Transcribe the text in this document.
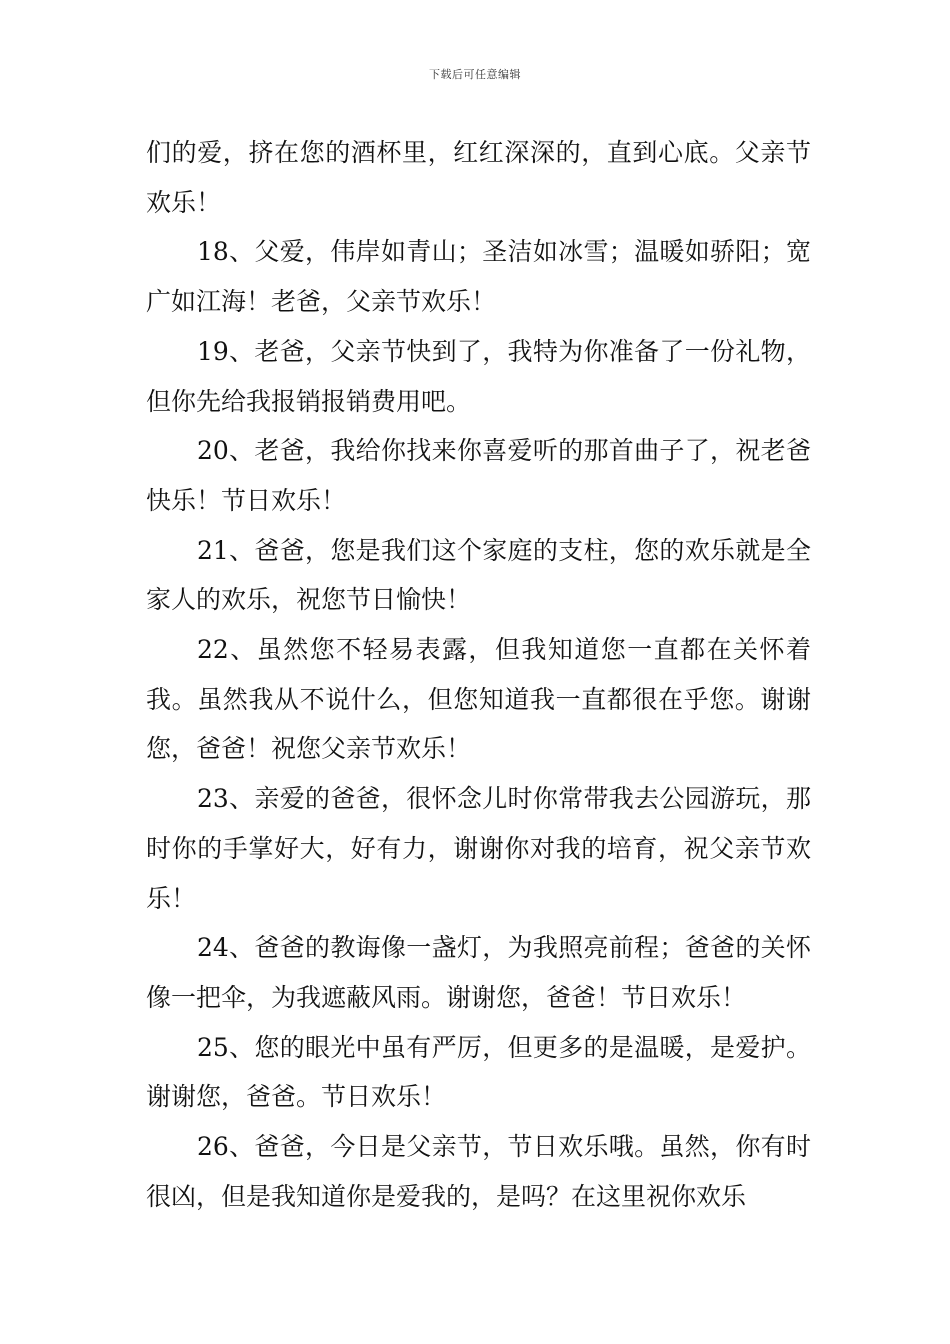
下载后可任意编辑

们的爱，挤在您的酒杯里，红红深深的，直到心底。父亲节欢乐！

18、父爱，伟岸如青山；圣洁如冰雪；温暖如骄阳；宽广如江海！老爸，父亲节欢乐！

19、老爸，父亲节快到了，我特为你准备了一份礼物，但你先给我报销报销费用吧。

20、老爸，我给你找来你喜爱听的那首曲子了，祝老爸快乐！节日欢乐！

21、爸爸，您是我们这个家庭的支柱，您的欢乐就是全家人的欢乐，祝您节日愉快！

22、虽然您不轻易表露，但我知道您一直都在关怀着我。虽然我从不说什么，但您知道我一直都很在乎您。谢谢您，爸爸！祝您父亲节欢乐！

23、亲爱的爸爸，很怀念儿时你常带我去公园游玩，那时你的手掌好大，好有力，谢谢你对我的培育，祝父亲节欢乐！

24、爸爸的教诲像一盏灯，为我照亮前程；爸爸的关怀像一把伞，为我遮蔽风雨。谢谢您，爸爸！节日欢乐！

25、您的眼光中虽有严厉，但更多的是温暖，是爱护。谢谢您，爸爸。节日欢乐！

26、爸爸，今日是父亲节，节日欢乐哦。虽然，你有时很凶，但是我知道你是爱我的，是吗？在这里祝你欢乐
